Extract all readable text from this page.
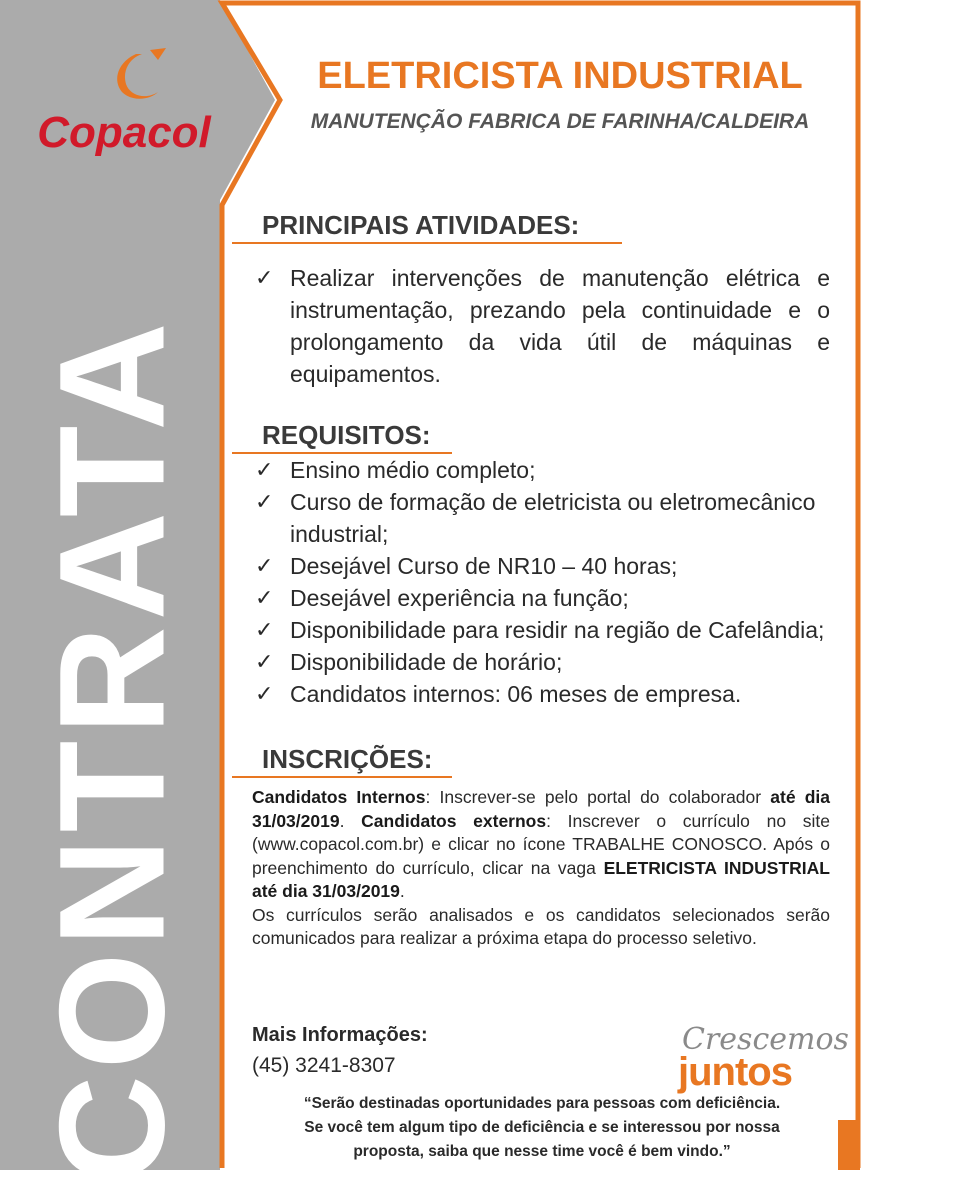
Copacol
CONTRATA
ELETRICISTA INDUSTRIAL
MANUTENÇÃO FABRICA DE FARINHA/CALDEIRA
PRINCIPAIS ATIVIDADES:
✓ Realizar intervenções de manutenção elétrica e instrumentação, prezando pela continuidade e o prolongamento da vida útil de máquinas e equipamentos.
REQUISITOS:
✓ Ensino médio completo;
✓ Curso de formação de eletricista ou eletromecânico industrial;
✓ Desejável Curso de NR10 – 40 horas;
✓ Desejável experiência na função;
✓ Disponibilidade para residir na região de Cafelândia;
✓ Disponibilidade de horário;
✓ Candidatos internos: 06 meses de empresa.
INSCRIÇÕES:
Candidatos Internos: Inscrever-se pelo portal do colaborador até dia 31/03/2019. Candidatos externos: Inscrever o currículo no site (www.copacol.com.br) e clicar no ícone TRABALHE CONOSCO. Após o preenchimento do currículo, clicar na vaga ELETRICISTA INDUSTRIAL até dia 31/03/2019.
Os currículos serão analisados e os candidatos selecionados serão comunicados para realizar a próxima etapa do processo seletivo.
Mais Informações:
(45) 3241-8307
Crescemos
juntos
“Serão destinadas oportunidades para pessoas com deficiência.
Se você tem algum tipo de deficiência e se interessou por nossa
proposta, saiba que nesse time você é bem vindo.”
